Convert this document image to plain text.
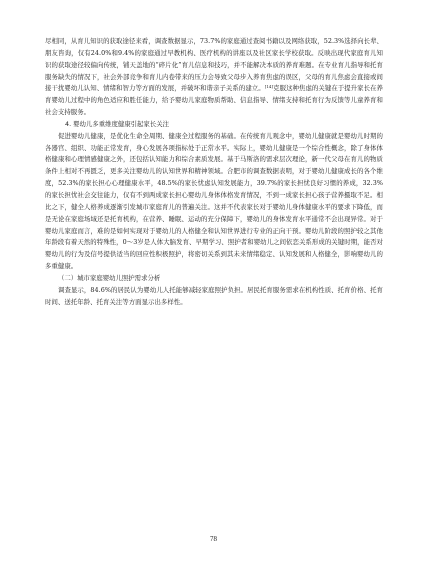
尽相同，从育儿知识的获取途径来看，调查数据显示，73.7%的家庭通过查阅书籍以及网络获取，52.3%选择向长辈、朋友咨询，仅有24.0%和9.4%的家庭通过早教机构、医疗机构的讲座以及社区家长学校获取。反映出现代家庭育儿知识的获取途径较偏向传统，铺天盖地的“碎片化”育儿信息和技巧，并不能解决本质的养育难题。在专业育儿指导和托育服务缺失的情况下，社会外部竞争和育儿内卷带来的压力会导致父母步入养育焦虑的误区，父母的育儿焦虑会直接或间接干扰婴幼儿认知、情绪和智力等方面的发展，并破坏和谐亲子关系的建立。[14]克服这种焦虑的关键在于提升家长在养育婴幼儿过程中的角色适应和胜任能力，给予婴幼儿家庭物质帮助、信息指导、情绪支持和托育行为反馈等儿童养育和社会支持服务。

4. 婴幼儿多重维度健康引起家长关注

促进婴幼儿健康，是优化生命全周期、健康全过程服务的基础。在传统育儿观念中，婴幼儿健康就是婴幼儿时期的各器官、组织、功能正常发育，身心发展各项指标处于正常水平。实际上，婴幼儿健康是一个综合性概念，除了身体体格健康和心理情感健康之外，还包括认知能力和综合素质发展。基于马斯洛的需求层次理论，新一代父母在育儿的物质条件上相对不再匮乏，更多关注婴幼儿的认知世界和精神领域。合肥市的调查数据表明，对于婴幼儿健康成长的各个维度，52.3%的家长担心心理健康水平，48.5%的家长忧虑认知发展能力，39.7%的家长担忧良好习惯的养成，32.3%的家长担忧社会交往能力，仅有不到两成家长担心婴幼儿身体体格发育情况，不到一成家长担心孩子营养摄取不足。相比之下，健全人格养成逐渐引发城市家庭育儿的普遍关注。这并不代表家长对于婴幼儿身体健康水平的要求下降低，而是无论在家庭场域还是托育机构，在营养、睡眠、运动的充分保障下，婴幼儿的身体发育水平通常不会出现异常。对于婴幼儿家庭而言，难的是如何实现对于婴幼儿的人格健全和认知世界进行专业的正向干预。婴幼儿阶段的照护较之其他年龄段有着天然的特殊性，0～3岁是人体大脑发育、早期学习、照护者和婴幼儿之间依恋关系形成的关键时期，能否对婴幼儿的行为及信号提供适当的回应性积极照护，将密切关系到其未来情绪稳定、认知发展和人格健全，影响婴幼儿的多重健康。

（二）城市家庭婴幼儿照护需求分析

调查显示，84.6%的居民认为婴幼儿人托能够减轻家庭照护负担。居民托育服务需求在机构性质、托育价格、托育时间、送托年龄、托育关注等方面显示出多样性。

78
